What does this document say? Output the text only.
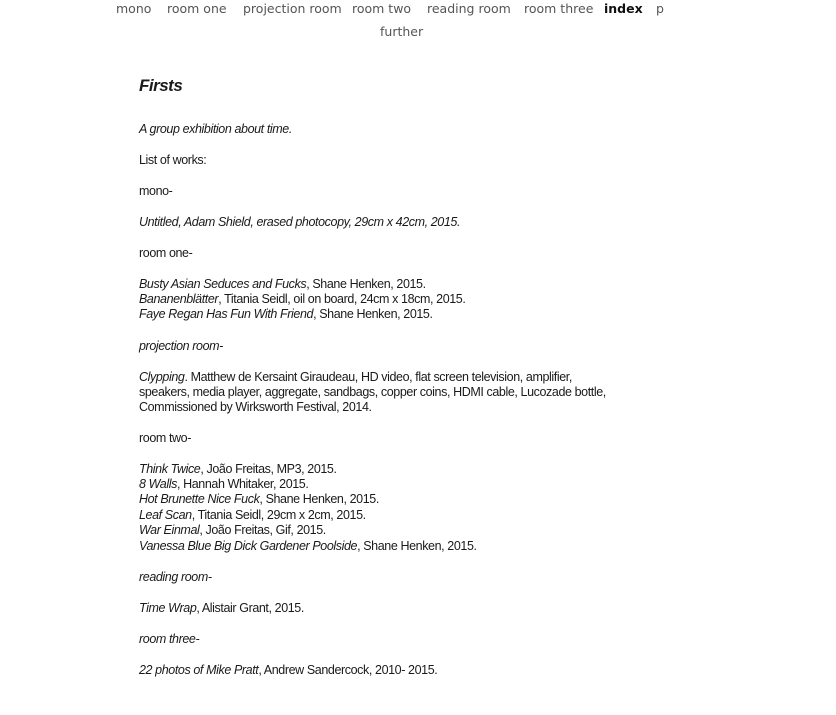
mono room one projection room room two reading room room three index p
further
Firsts
A group exhibition about time.
List of works:
mono-
Untitled, Adam Shield, erased photocopy, 29cm x 42cm, 2015.
room one-
Busty Asian Seduces and Fucks, Shane Henken, 2015.
Bananenblätter, Titania Seidl, oil on board, 24cm x 18cm, 2015.
Faye Regan Has Fun With Friend, Shane Henken, 2015.
projection room-
Clypping. Matthew de Kersaint Giraudeau, HD video, flat screen television, amplifier,
speakers, media player, aggregate, sandbags, copper coins, HDMI cable, Lucozade bottle,
Commissioned by Wirksworth Festival, 2014.
room two-
Think Twice, João Freitas, MP3, 2015.
8 Walls, Hannah Whitaker, 2015.
Hot Brunette Nice Fuck, Shane Henken, 2015.
Leaf Scan, Titania Seidl, 29cm x 2cm, 2015.
War Einmal, João Freitas, Gif, 2015.
Vanessa Blue Big Dick Gardener Poolside, Shane Henken, 2015.
reading room-
Time Wrap, Alistair Grant, 2015.
room three-
22 photos of Mike Pratt, Andrew Sandercock, 2010- 2015.
